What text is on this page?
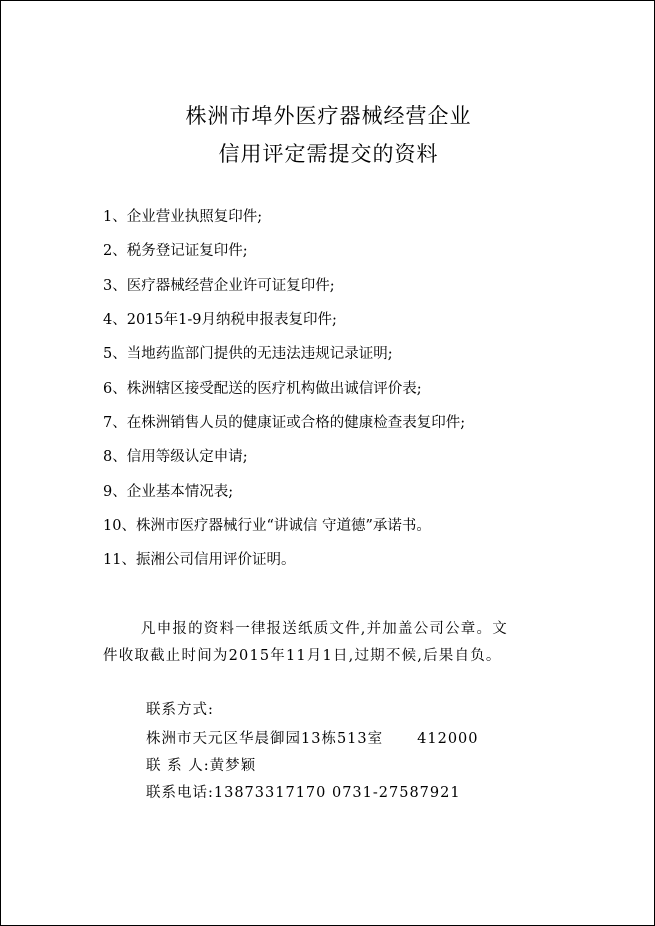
株洲市埠外医疗器械经营企业
信用评定需提交的资料
1、企业营业执照复印件;
2、税务登记证复印件;
3、医疗器械经营企业许可证复印件;
4、2015年1-9月纳税申报表复印件;
5、当地药监部门提供的无违法违规记录证明;
6、株洲辖区接受配送的医疗机构做出诚信评价表;
7、在株洲销售人员的健康证或合格的健康检查表复印件;
8、信用等级认定申请;
9、企业基本情况表;
10、株洲市医疗器械行业“讲诚信 守道德”承诺书。
11、振湘公司信用评价证明。
凡申报的资料一律报送纸质文件,并加盖公司公章。文
件收取截止时间为2015年11月1日,过期不候,后果自负。
联系方式:
株洲市天元区华晨御园13栋513室 412000
联 系 人:黄梦颖
联系电话:13873317170 0731-27587921
